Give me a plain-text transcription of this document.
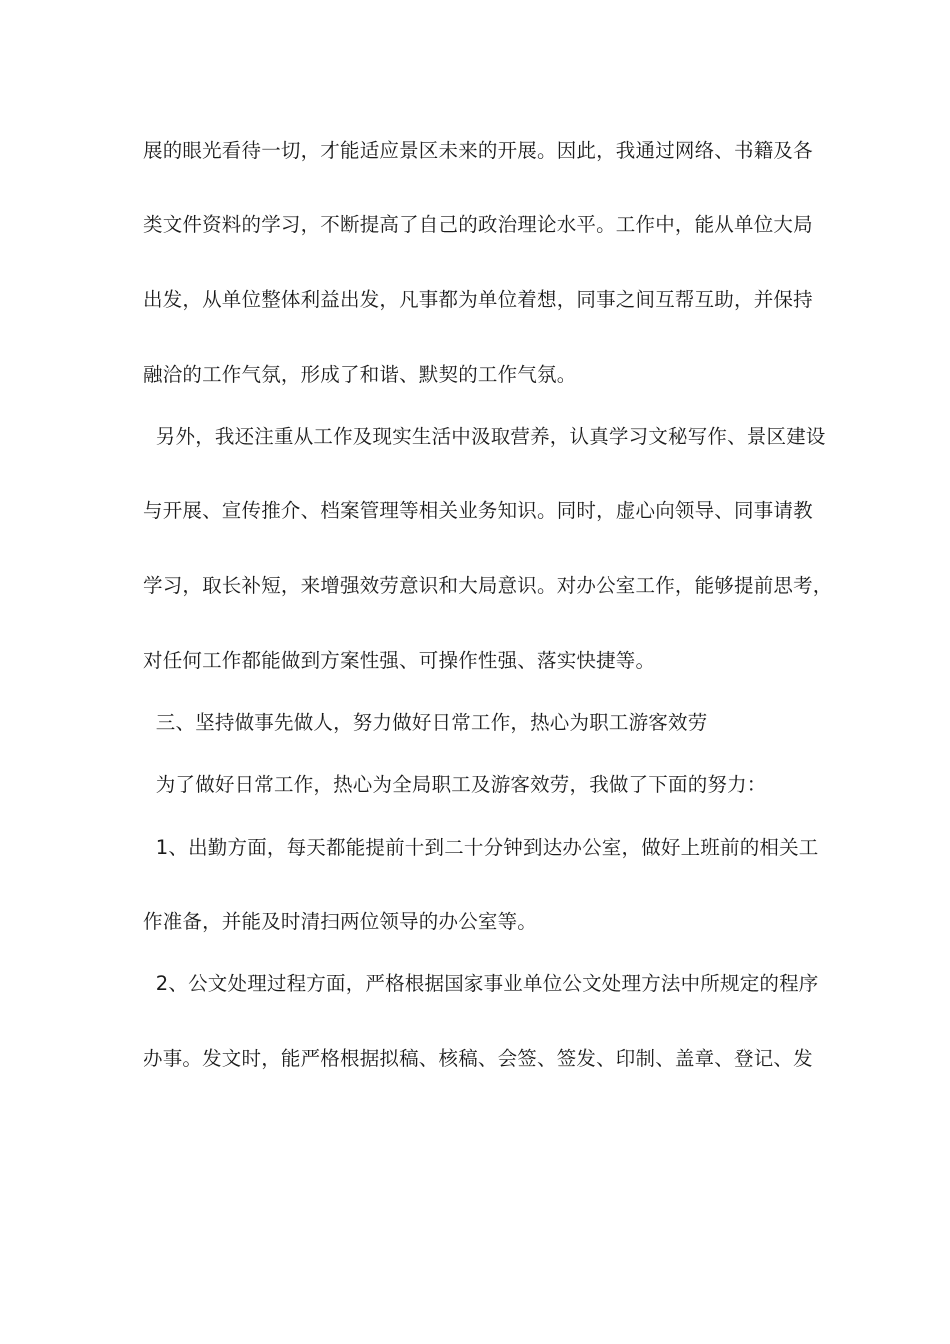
展的眼光看待一切，才能适应景区未来的开展。因此，我通过网络、书籍及各
类文件资料的学习，不断提高了自己的政治理论水平。工作中，能从单位大局
出发，从单位整体利益出发，凡事都为单位着想，同事之间互帮互助，并保持
融洽的工作气氛，形成了和谐、默契的工作气氛。
另外，我还注重从工作及现实生活中汲取营养，认真学习文秘写作、景区建设
与开展、宣传推介、档案管理等相关业务知识。同时，虚心向领导、同事请教
学习，取长补短，来增强效劳意识和大局意识。对办公室工作，能够提前思考，
对任何工作都能做到方案性强、可操作性强、落实快捷等。
三、坚持做事先做人，努力做好日常工作，热心为职工游客效劳
为了做好日常工作，热心为全局职工及游客效劳，我做了下面的努力：
1、出勤方面，每天都能提前十到二十分钟到达办公室，做好上班前的相关工
作准备，并能及时清扫两位领导的办公室等。
2、公文处理过程方面，严格根据国家事业单位公文处理方法中所规定的程序
办事。发文时，能严格根据拟稿、核稿、会签、签发、印制、盖章、登记、发
